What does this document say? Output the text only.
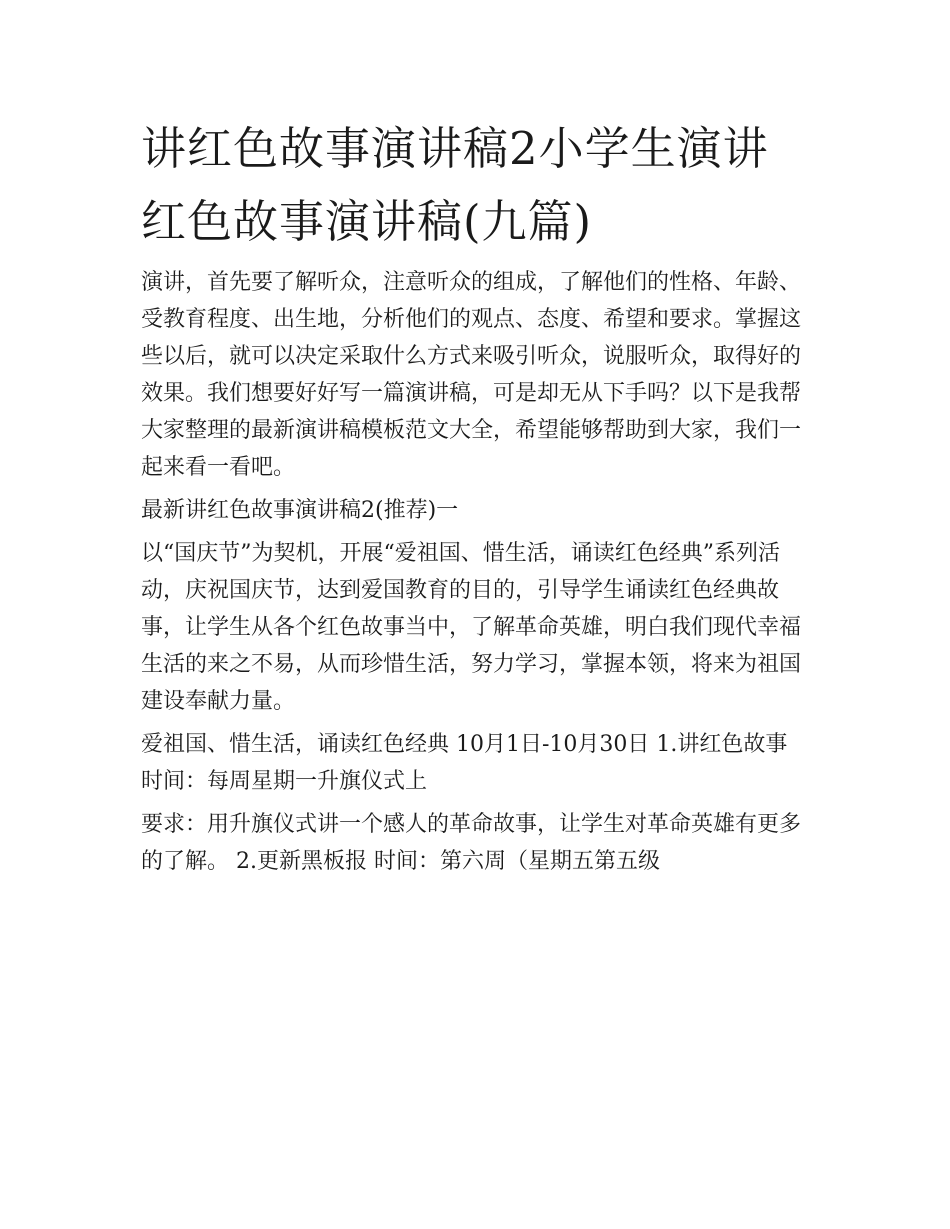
讲红色故事演讲稿2小学生演讲红色故事演讲稿(九篇)

演讲，首先要了解听众，注意听众的组成，了解他们的性格、年龄、受教育程度、出生地，分析他们的观点、态度、希望和要求。掌握这些以后，就可以决定采取什么方式来吸引听众，说服听众，取得好的效果。我们想要好好写一篇演讲稿，可是却无从下手吗？以下是我帮大家整理的最新演讲稿模板范文大全，希望能够帮助到大家，我们一起来看一看吧。

最新讲红色故事演讲稿2(推荐)一

以“国庆节”为契机，开展“爱祖国、惜生活，诵读红色经典”系列活动，庆祝国庆节，达到爱国教育的目的，引导学生诵读红色经典故事，让学生从各个红色故事当中，了解革命英雄，明白我们现代幸福生活的来之不易，从而珍惜生活，努力学习，掌握本领，将来为祖国建设奉献力量。

爱祖国、惜生活，诵读红色经典 10月1日-10月30日 1.讲红色故事 时间：每周星期一升旗仪式上

要求：用升旗仪式讲一个感人的革命故事，让学生对革命英雄有更多的了解。 2.更新黑板报 时间：第六周（星期五第五级
